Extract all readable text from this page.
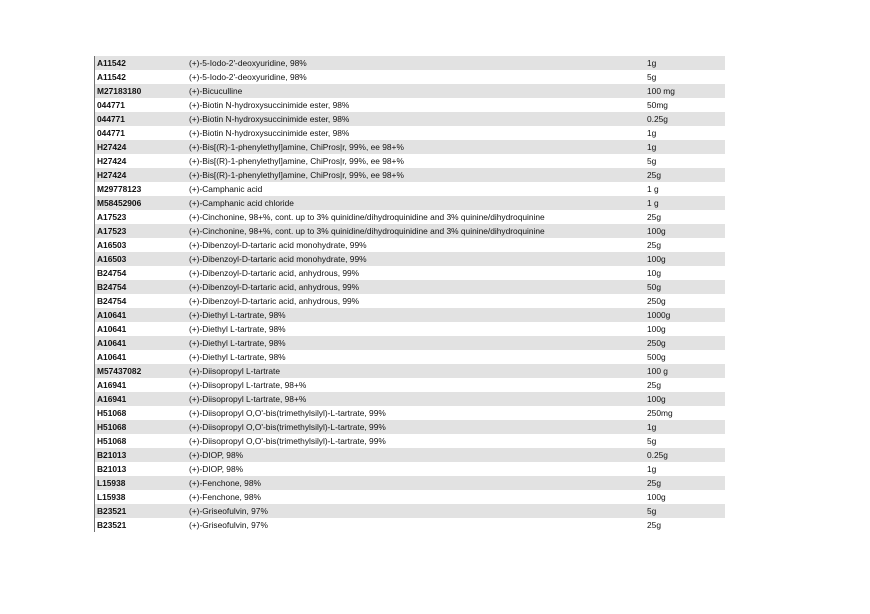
A11542	(+)-5-Iodo-2'-deoxyuridine, 98%	1g
A11542	(+)-5-Iodo-2'-deoxyuridine, 98%	5g
M27183180	(+)-Bicuculline	100 mg
044771	(+)-Biotin N-hydroxysuccinimide ester, 98%	50mg
044771	(+)-Biotin N-hydroxysuccinimide ester, 98%	0.25g
044771	(+)-Biotin N-hydroxysuccinimide ester, 98%	1g
H27424	(+)-Bis[(R)-1-phenylethyl]amine, ChiPros|r, 99%, ee 98+%	1g
H27424	(+)-Bis[(R)-1-phenylethyl]amine, ChiPros|r, 99%, ee 98+%	5g
H27424	(+)-Bis[(R)-1-phenylethyl]amine, ChiPros|r, 99%, ee 98+%	25g
M29778123	(+)-Camphanic acid	1 g
M58452906	(+)-Camphanic acid chloride	1 g
A17523	(+)-Cinchonine, 98+%, cont. up to 3% quinidine/dihydroquinidine and 3% quinine/dihydroquinine	25g
A17523	(+)-Cinchonine, 98+%, cont. up to 3% quinidine/dihydroquinidine and 3% quinine/dihydroquinine	100g
A16503	(+)-Dibenzoyl-D-tartaric acid monohydrate, 99%	25g
A16503	(+)-Dibenzoyl-D-tartaric acid monohydrate, 99%	100g
B24754	(+)-Dibenzoyl-D-tartaric acid, anhydrous, 99%	10g
B24754	(+)-Dibenzoyl-D-tartaric acid, anhydrous, 99%	50g
B24754	(+)-Dibenzoyl-D-tartaric acid, anhydrous, 99%	250g
A10641	(+)-Diethyl L-tartrate, 98%	1000g
A10641	(+)-Diethyl L-tartrate, 98%	100g
A10641	(+)-Diethyl L-tartrate, 98%	250g
A10641	(+)-Diethyl L-tartrate, 98%	500g
M57437082	(+)-Diisopropyl L-tartrate	100 g
A16941	(+)-Diisopropyl L-tartrate, 98+%	25g
A16941	(+)-Diisopropyl L-tartrate, 98+%	100g
H51068	(+)-Diisopropyl O,O'-bis(trimethylsilyl)-L-tartrate, 99%	250mg
H51068	(+)-Diisopropyl O,O'-bis(trimethylsilyl)-L-tartrate, 99%	1g
H51068	(+)-Diisopropyl O,O'-bis(trimethylsilyl)-L-tartrate, 99%	5g
B21013	(+)-DIOP, 98%	0.25g
B21013	(+)-DIOP, 98%	1g
L15938	(+)-Fenchone, 98%	25g
L15938	(+)-Fenchone, 98%	100g
B23521	(+)-Griseofulvin, 97%	5g
B23521	(+)-Griseofulvin, 97%	25g
